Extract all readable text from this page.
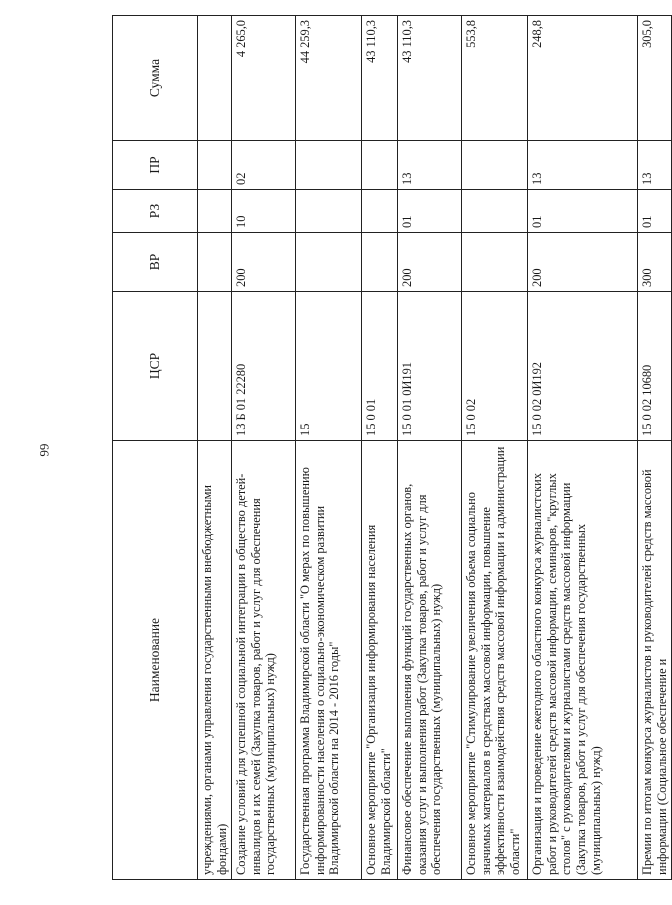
66
Наименование	ЦСР	ВР	РЗ	ПР	Сумма
учреждениями, органами управления государственными внебюджетными фондами)					
Создание условий для успешной социальной интеграции в общество детей-инвалидов и их семей (Закупка товаров, работ и услуг для обеспечения государственных (муниципальных) нужд)	13 Б 01 22280	200	10	02	4 265,0
Государственная программа Владимирской области "О мерах по повышению информированности населения о социально-экономическом развитии Владимирской области на 2014 - 2016 годы"	15				44 259,3
Основное мероприятие "Организация информирования населения Владимирской области"	15 0 01				43 110,3
Финансовое обеспечение выполнения функций государственных органов, оказания услуг и выполнения работ (Закупка товаров, работ и услуг для обеспечения государственных (муниципальных) нужд)	15 0 01 0И191	200	01	13	43 110,3
Основное мероприятие "Стимулирование увеличения объема социально значимых материалов в средствах массовой информации, повышение эффективности взаимодействия средств массовой информации и администрации области"	15 0 02				553,8
Организация и проведение ежегодного областного конкурса журналистских работ и руководителей средств массовой информации, семинаров, "круглых столов" с руководителями и журналистами средств массовой информации (Закупка товаров, работ и услуг для обеспечения государственных (муниципальных) нужд)	15 0 02 0И192	200	01	13	248,8
Премии по итогам конкурса журналистов и руководителей средств массовой информации (Социальное обеспечение и	15 0 02 10680	300	01	13	305,0
